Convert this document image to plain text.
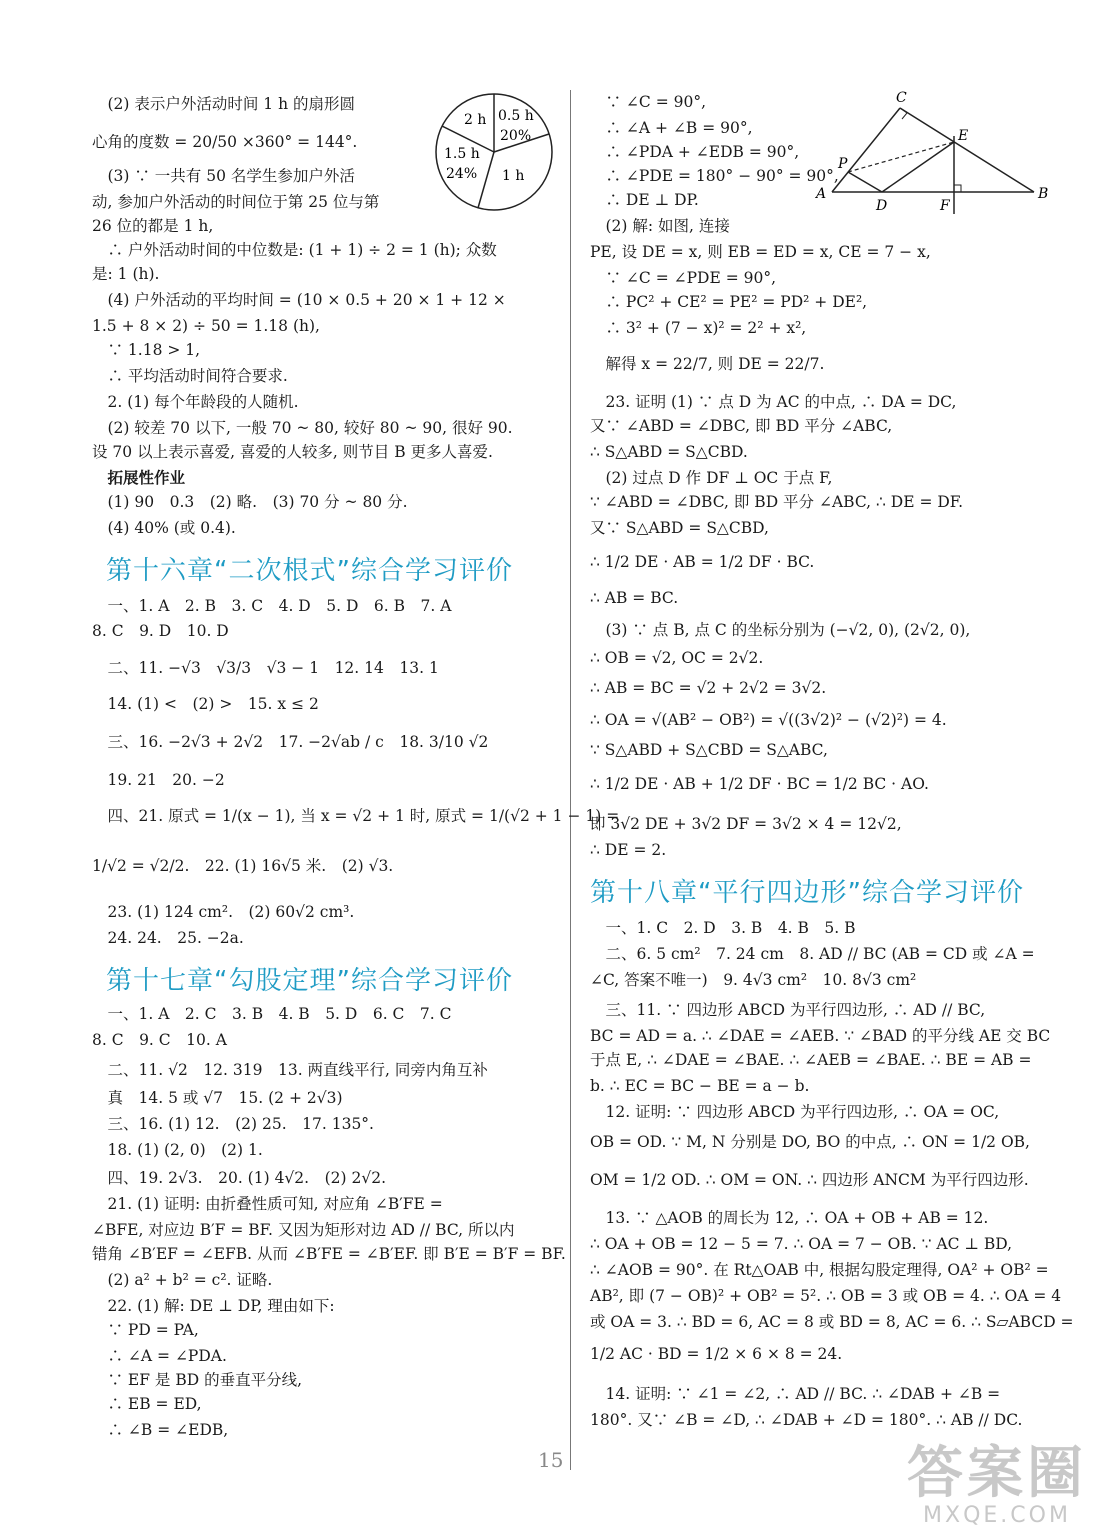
　(2) 表示户外活动时间 1 h 的扇形圆
心角的度数 = 20/50 ×360° = 144°.
　(3) ∵ 一共有 50 名学生参加户外活
动, 参加户外活动的时间位于第 25 位与第
26 位的都是 1 h,
　∴ 户外活动时间的中位数是: (1 + 1) ÷ 2 = 1 (h); 众数
是: 1 (h).
　(4) 户外活动的平均时间 = (10 × 0.5 + 20 × 1 + 12 ×
1.5 + 8 × 2) ÷ 50 = 1.18 (h),
　∵ 1.18 > 1,
　∴ 平均活动时间符合要求.
　2. (1) 每个年龄段的人随机.
　(2) 较差 70 以下, 一般 70 ~ 80, 较好 80 ~ 90, 很好 90.
设 70 以上表示喜爱, 喜爱的人较多, 则节目 B 更多人喜爱.
　拓展性作业
　(1) 90　0.3　(2) 略.　(3) 70 分 ~ 80 分.
　(4) 40% (或 0.4).
第十六章“二次根式”综合学习评价
　一、1. A　2. B　3. C　4. D　5. D　6. B　7. A
8. C　9. D　10. D
　二、11. −√3　√3/3　√3 − 1　12. 14　13. 1
　14. (1) <　(2) >　15. x ≤ 2
　三、16. −2√3 + 2√2　17. −2√ab / c　18. 3/10 √2
　19. 21　20. −2
　四、21. 原式 = 1/(x − 1), 当 x = √2 + 1 时, 原式 = 1/(√2 + 1 − 1) =
1/√2 = √2/2.　22. (1) 16√5 米.　(2) √3.
　23. (1) 124 cm².　(2) 60√2 cm³.
　24. 24.　25. −2a.
第十七章“勾股定理”综合学习评价
　一、1. A　2. C　3. B　4. B　5. D　6. C　7. C
8. C　9. C　10. A
　二、11. √2　12. 319　13. 两直线平行, 同旁内角互补
　真　14. 5 或 √7　15. (2 + 2√3)
　三、16. (1) 12.　(2) 25.　17. 135°.
　18. (1) (2, 0)　(2) 1.
　四、19. 2√3.　20. (1) 4√2.　(2) 2√2.
　21. (1) 证明: 由折叠性质可知, 对应角 ∠B′FE =
∠BFE, 对应边 B′F = BF. 又因为矩形对边 AD // BC, 所以内
错角 ∠B′EF = ∠EFB. 从而 ∠B′FE = ∠B′EF. 即 B′E = B′F = BF.
　(2) a² + b² = c². 证略.
　22. (1) 解: DE ⊥ DP, 理由如下:
　∵ PD = PA,
　∴ ∠A = ∠PDA.
　∵ EF 是 BD 的垂直平分线,
　∴ EB = ED,
　∴ ∠B = ∠EDB,
2 h 0.5 h
20%
1.5 h
24% 1 h
　∵ ∠C = 90°,
　∴ ∠A + ∠B = 90°,
　∴ ∠PDA + ∠EDB = 90°,
　∴ ∠PDE = 180° − 90° = 90°,
　∴ DE ⊥ DP.
　(2) 解: 如图, 连接
PE, 设 DE = x, 则 EB = ED = x, CE = 7 − x,
　∵ ∠C = ∠PDE = 90°,
　∴ PC² + CE² = PE² = PD² + DE²,
　∴ 3² + (7 − x)² = 2² + x²,
　解得 x = 22/7, 则 DE = 22/7.
　23. 证明 (1) ∵ 点 D 为 AC 的中点, ∴ DA = DC,
又∵ ∠ABD = ∠DBC, 即 BD 平分 ∠ABC,
∴ S△ABD = S△CBD.
　(2) 过点 D 作 DF ⊥ OC 于点 F,
∵ ∠ABD = ∠DBC, 即 BD 平分 ∠ABC, ∴ DE = DF.
又∵ S△ABD = S△CBD,
∴ 1/2 DE · AB = 1/2 DF · BC.
∴ AB = BC.
　(3) ∵ 点 B, 点 C 的坐标分别为 (−√2, 0), (2√2, 0),
∴ OB = √2, OC = 2√2.
∴ AB = BC = √2 + 2√2 = 3√2.
∴ OA = √(AB² − OB²) = √((3√2)² − (√2)²) = 4.
∵ S△ABD + S△CBD = S△ABC,
∴ 1/2 DE · AB + 1/2 DF · BC = 1/2 BC · AO.
即 3√2 DE + 3√2 DF = 3√2 × 4 = 12√2,
∴ DE = 2.
第十八章“平行四边形”综合学习评价
　一、1. C　2. D　3. B　4. B　5. B
　二、6. 5 cm²　7. 24 cm　8. AD // BC (AB = CD 或 ∠A =
∠C, 答案不唯一)　9. 4√3 cm²　10. 8√3 cm²
　三、11. ∵ 四边形 ABCD 为平行四边形, ∴ AD // BC,
BC = AD = a. ∴ ∠DAE = ∠AEB. ∵ ∠BAD 的平分线 AE 交 BC
于点 E, ∴ ∠DAE = ∠BAE. ∴ ∠AEB = ∠BAE. ∴ BE = AB =
b. ∴ EC = BC − BE = a − b.
　12. 证明: ∵ 四边形 ABCD 为平行四边形, ∴ OA = OC,
OB = OD. ∵ M, N 分别是 DO, BO 的中点, ∴ ON = 1/2 OB,
OM = 1/2 OD. ∴ OM = ON. ∴ 四边形 ANCM 为平行四边形.
　13. ∵ △AOB 的周长为 12, ∴ OA + OB + AB = 12.
∴ OA + OB = 12 − 5 = 7. ∴ OA = 7 − OB. ∵ AC ⊥ BD,
∴ ∠AOB = 90°. 在 Rt△OAB 中, 根据勾股定理得, OA² + OB² =
AB², 即 (7 − OB)² + OB² = 5². ∴ OB = 3 或 OB = 4. ∴ OA = 4
或 OA = 3. ∴ BD = 6, AC = 8 或 BD = 8, AC = 6. ∴ S▱ABCD =
1/2 AC · BD = 1/2 × 6 × 8 = 24.
　14. 证明: ∵ ∠1 = ∠2, ∴ AD // BC. ∴ ∠DAB + ∠B =
180°. 又∵ ∠B = ∠D, ∴ ∠DAB + ∠D = 180°. ∴ AB // DC.
C
E
P
A
D	F
B
15	答案圈
MXQE.COM
